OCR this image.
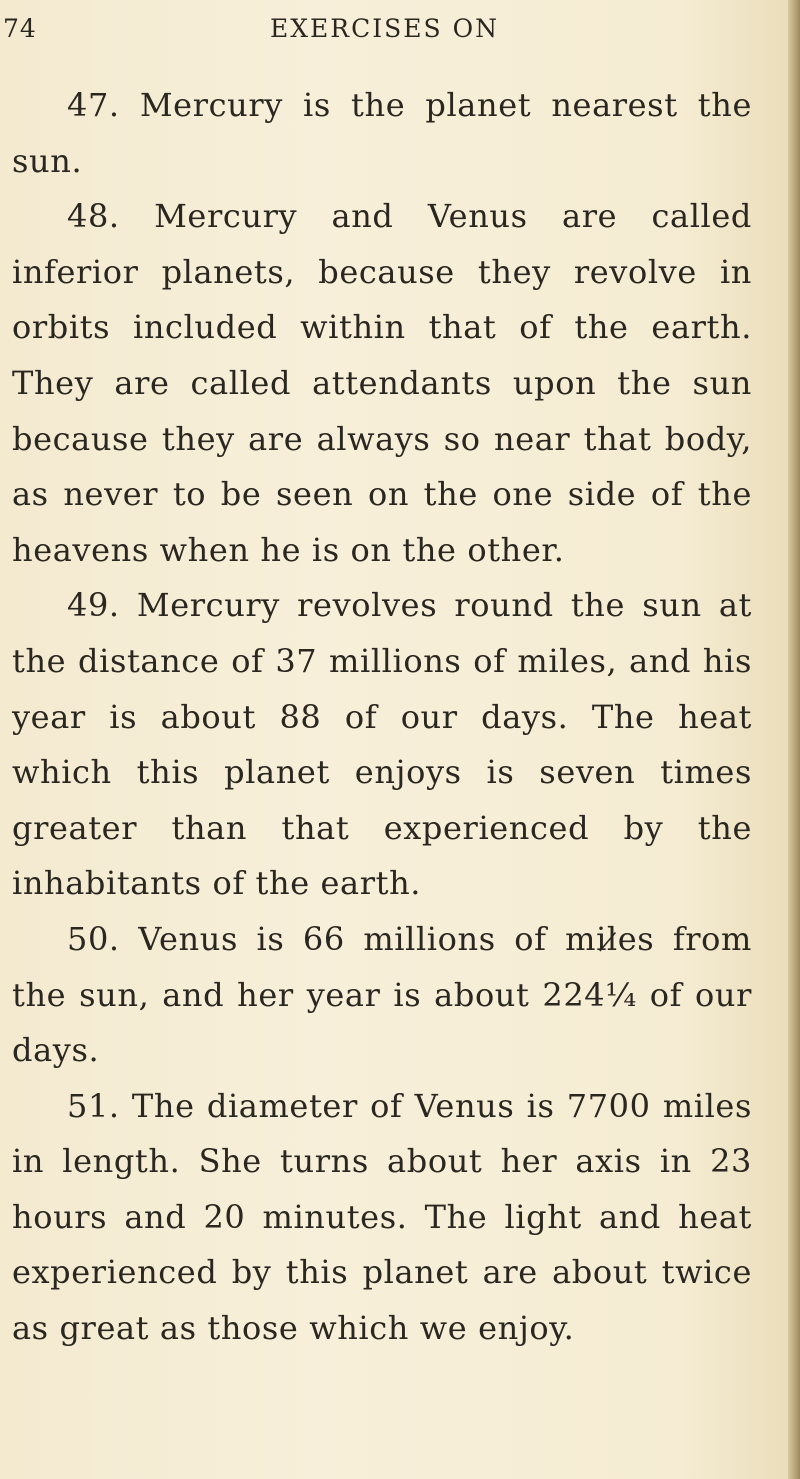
74	EXERCISES ON

47. Mercury is the planet nearest the sun.

48. Mercury and Venus are called inferior planets, because they revolve in orbits included within that of the earth. They are called attendants upon the sun because they are always so near that body, as never to be seen on the one side of the heavens when he is on the other.

49. Mercury revolves round the sun at the distance of 37 millions of miles, and his year is about 88 of our days. The heat which this planet enjoys is seven times greater than that experienced by the inhabitants of the earth.

50. Venus is 66 millions of mil̷es from the sun, and her year is about 224¼ of our days.

51. The diameter of Venus is 7700 miles in length. She turns about her axis in 23 hours and 20 minutes. The light and heat experienced by this planet are about twice as great as those which we enjoy.
